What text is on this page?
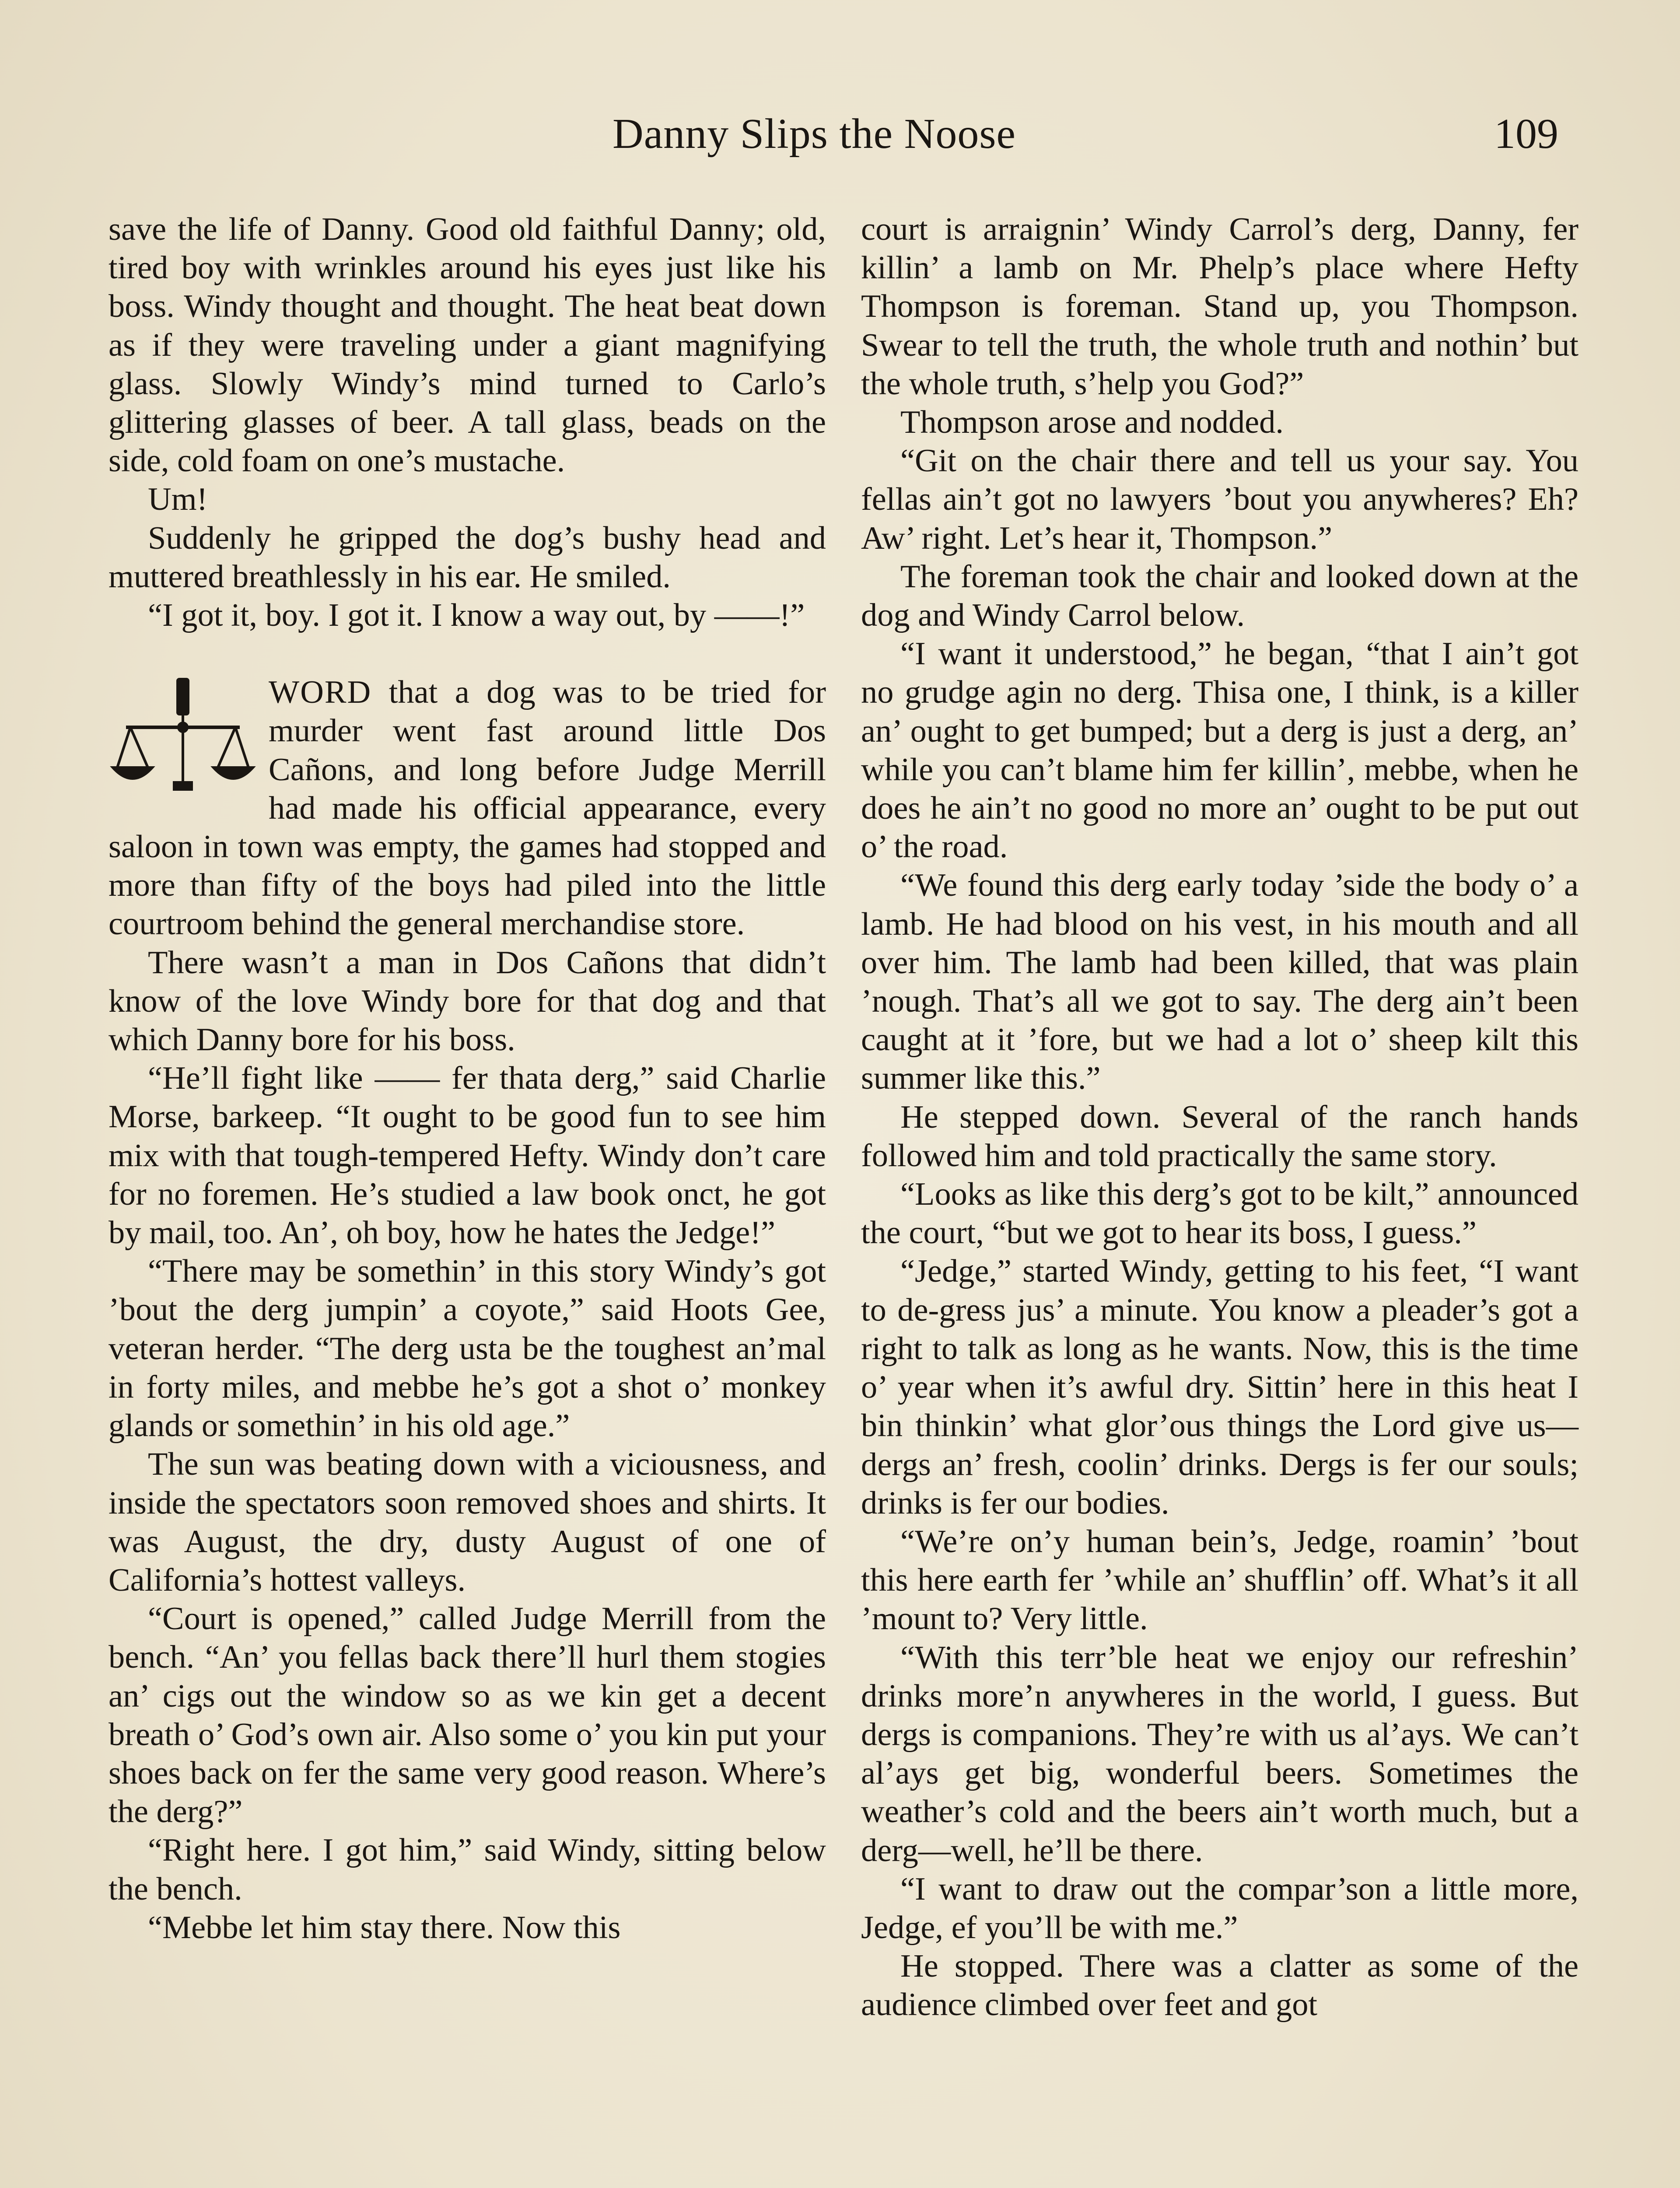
Danny Slips the Noose	109

save the life of Danny. Good old faithful Danny; old, tired boy with wrinkles around his eyes just like his boss. Windy thought and thought. The heat beat down as if they were traveling under a giant magnifying glass. Slowly Windy’s mind turned to Carlo’s glittering glasses of beer. A tall glass, beads on the side, cold foam on one’s mustache.

Um!

Suddenly he gripped the dog’s bushy head and muttered breathlessly in his ear. He smiled.

“I got it, boy. I got it. I know a way out, by ——!”

WORD that a dog was to be tried for murder went fast around little Dos Cañons, and long before Judge Merrill had made his official appearance, every saloon in town was empty, the games had stopped and more than fifty of the boys had piled into the little courtroom behind the general merchandise store.

There wasn’t a man in Dos Cañons that didn’t know of the love Windy bore for that dog and that which Danny bore for his boss.

“He’ll fight like —— fer thata derg,” said Charlie Morse, barkeep. “It ought to be good fun to see him mix with that tough-tempered Hefty. Windy don’t care for no foremen. He’s studied a law book onct, he got by mail, too. An’, oh boy, how he hates the Jedge!”

“There may be somethin’ in this story Windy’s got ’bout the derg jumpin’ a coyote,” said Hoots Gee, veteran herder. “The derg usta be the toughest an’mal in forty miles, and mebbe he’s got a shot o’ monkey glands or somethin’ in his old age.”

The sun was beating down with a viciousness, and inside the spectators soon removed shoes and shirts. It was August, the dry, dusty August of one of California’s hottest valleys.

“Court is opened,” called Judge Merrill from the bench. “An’ you fellas back there’ll hurl them stogies an’ cigs out the window so as we kin get a decent breath o’ God’s own air. Also some o’ you kin put your shoes back on fer the same very good reason. Where’s the derg?”

“Right here. I got him,” said Windy, sitting below the bench.

“Mebbe let him stay there. Now this

court is arraignin’ Windy Carrol’s derg, Danny, fer killin’ a lamb on Mr. Phelp’s place where Hefty Thompson is foreman. Stand up, you Thompson. Swear to tell the truth, the whole truth and nothin’ but the whole truth, s’help you God?”

Thompson arose and nodded.

“Git on the chair there and tell us your say. You fellas ain’t got no lawyers ’bout you anywheres? Eh? Aw’ right. Let’s hear it, Thompson.”

The foreman took the chair and looked down at the dog and Windy Carrol below.

“I want it understood,” he began, “that I ain’t got no grudge agin no derg. Thisa one, I think, is a killer an’ ought to get bumped; but a derg is just a derg, an’ while you can’t blame him fer killin’, mebbe, when he does he ain’t no good no more an’ ought to be put out o’ the road.

“We found this derg early today ’side the body o’ a lamb. He had blood on his vest, in his mouth and all over him. The lamb had been killed, that was plain ’nough. That’s all we got to say. The derg ain’t been caught at it ’fore, but we had a lot o’ sheep kilt this summer like this.”

He stepped down. Several of the ranch hands followed him and told practically the same story.

“Looks as like this derg’s got to be kilt,” announced the court, “but we got to hear its boss, I guess.”

“Jedge,” started Windy, getting to his feet, “I want to de-gress jus’ a minute. You know a pleader’s got a right to talk as long as he wants. Now, this is the time o’ year when it’s awful dry. Sittin’ here in this heat I bin thinkin’ what glor’ous things the Lord give us—dergs an’ fresh, coolin’ drinks. Dergs is fer our souls; drinks is fer our bodies.

“We’re on’y human bein’s, Jedge, roamin’ ’bout this here earth fer ’while an’ shufflin’ off. What’s it all ’mount to? Very little.

“With this terr’ble heat we enjoy our refreshin’ drinks more’n anywheres in the world, I guess. But dergs is companions. They’re with us al’ays. We can’t al’ays get big, wonderful beers. Sometimes the weather’s cold and the beers ain’t worth much, but a derg—well, he’ll be there.

“I want to draw out the compar’son a little more, Jedge, ef you’ll be with me.”

He stopped. There was a clatter as some of the audience climbed over feet and got
